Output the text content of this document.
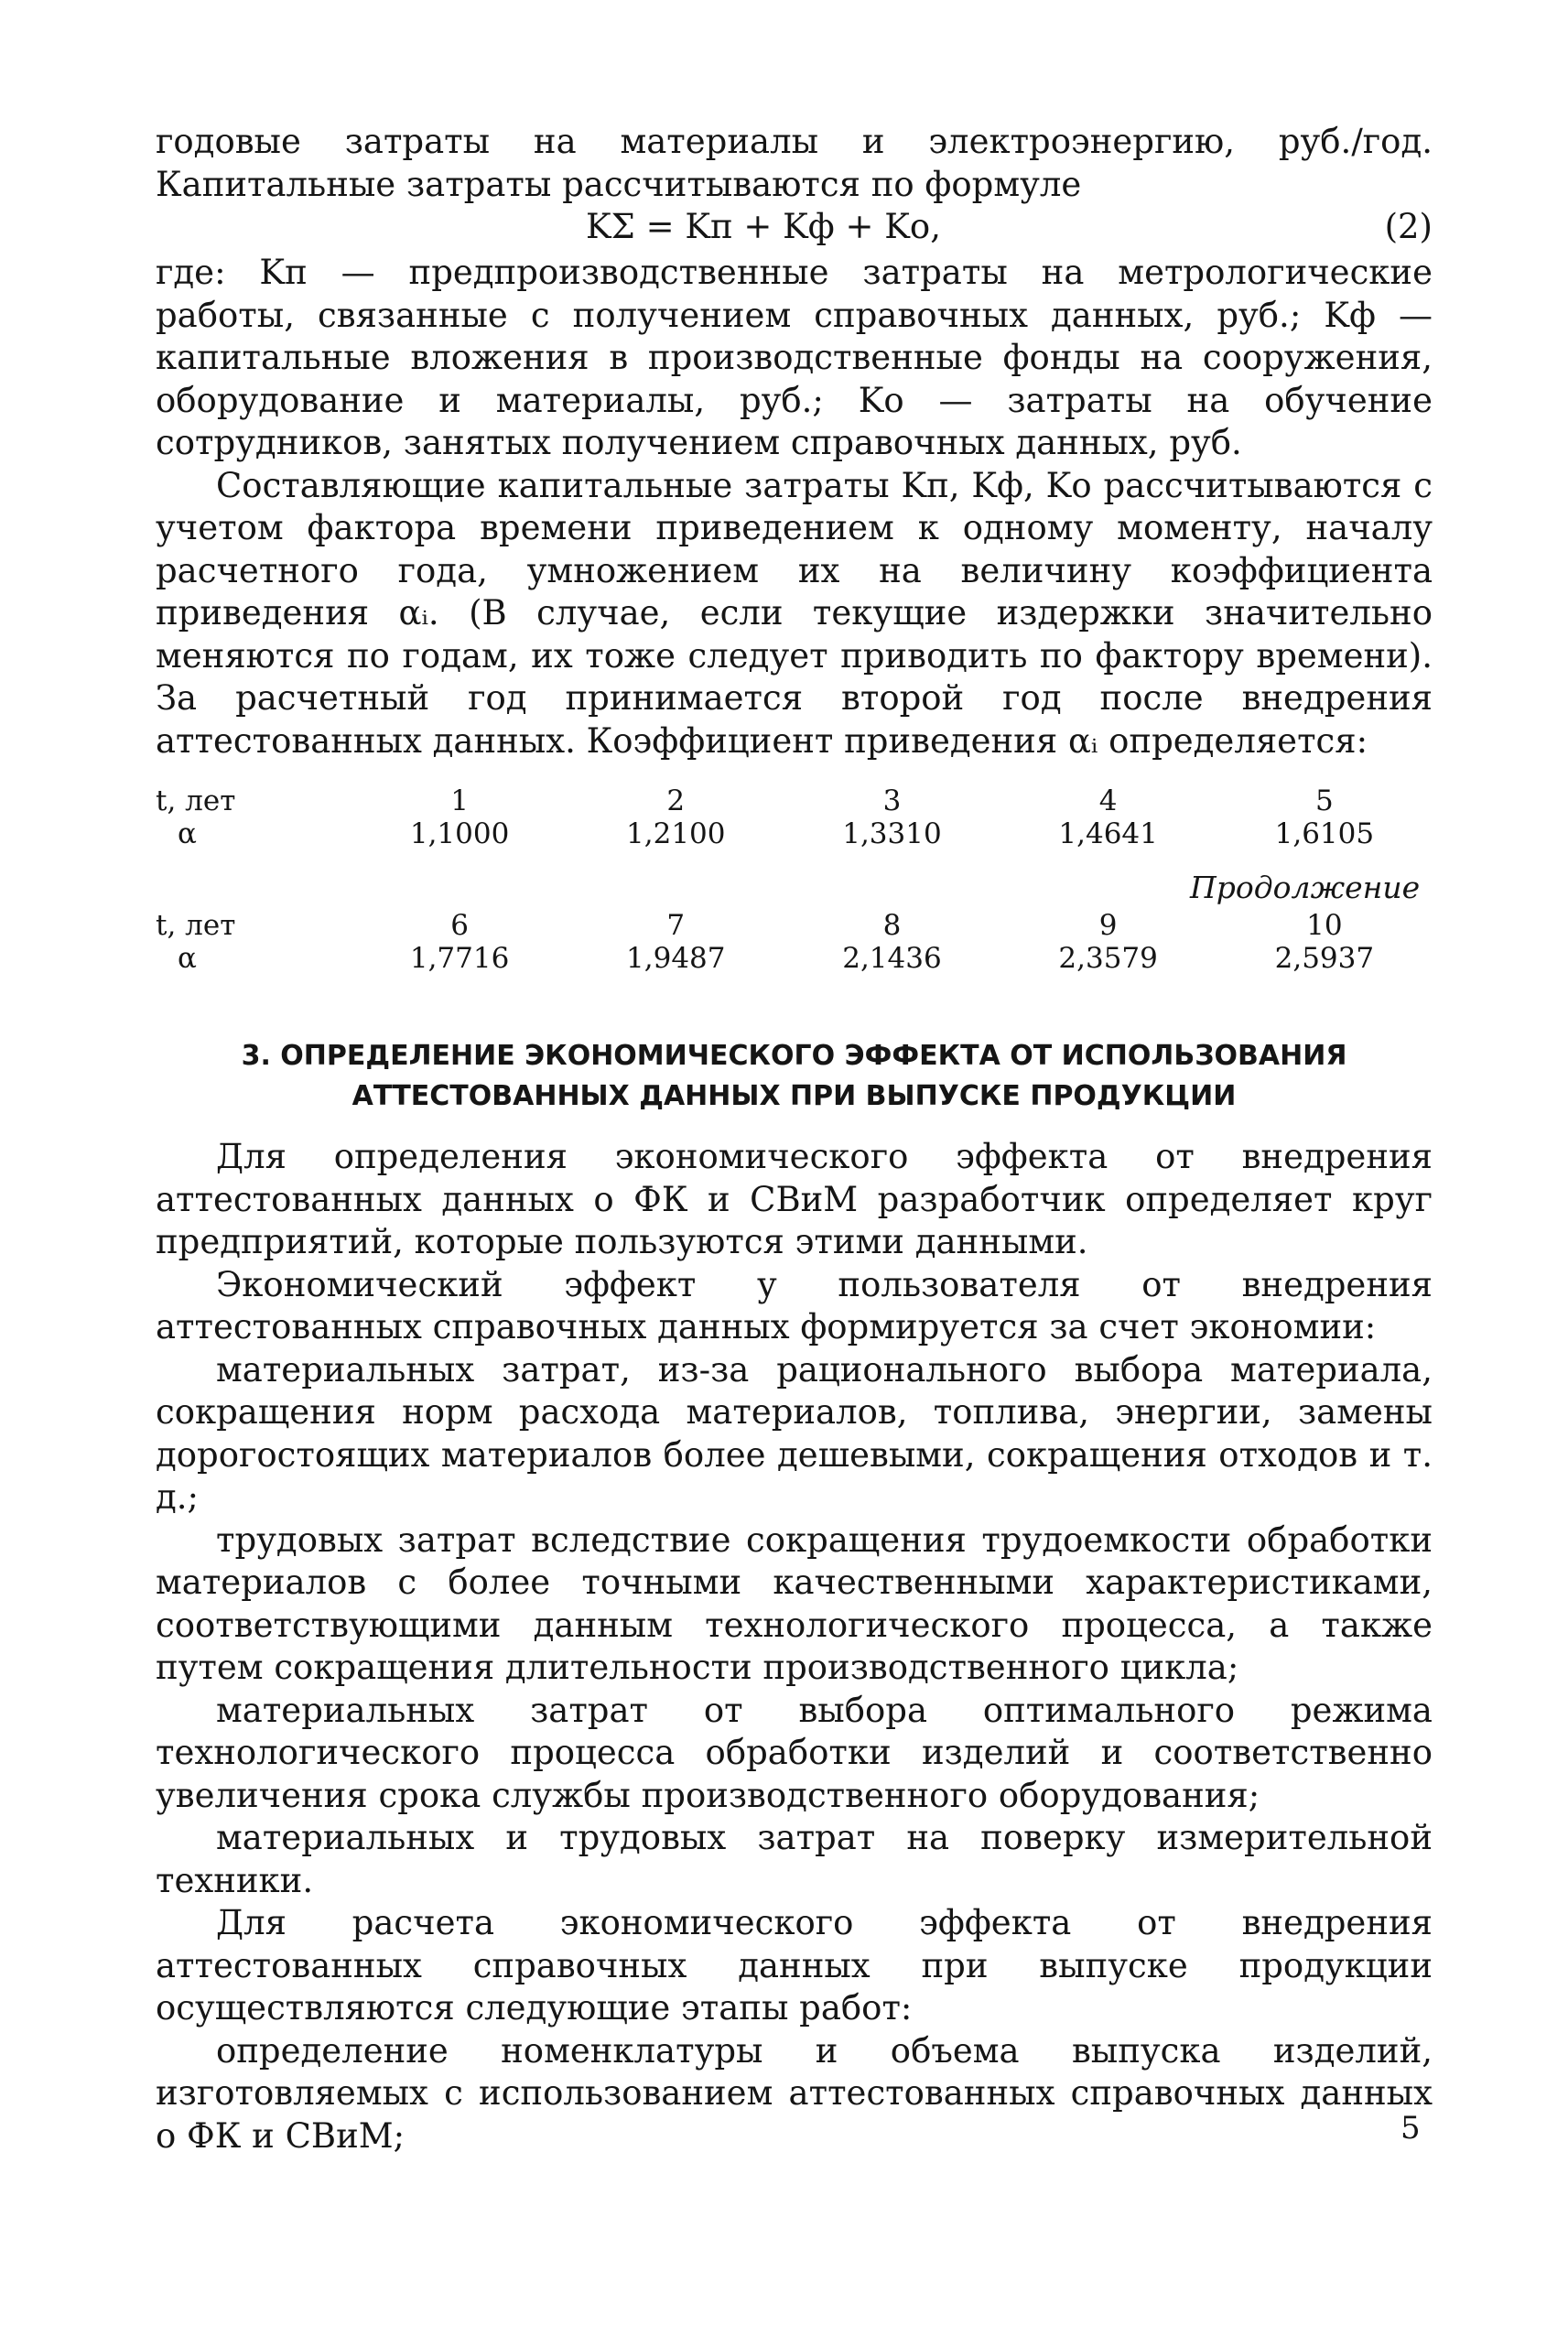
годовые затраты на материалы и электроэнергию, руб./год. Капитальные затраты рассчитываются по формуле

KΣ = Kп + Kф + Kо,	(2)

где: Kп — предпроизводственные затраты на метрологические работы, связанные с получением справочных данных, руб.; Kф — капитальные вложения в производственные фонды на сооружения, оборудование и материалы, руб.; Kо — затраты на обучение сотрудников, занятых получением справочных данных, руб.

Составляющие капитальные затраты Kп, Kф, Kо рассчитываются с учетом фактора времени приведением к одному моменту, началу расчетного года, умножением их на величину коэффициента приведения αᵢ. (В случае, если текущие издержки значительно меняются по годам, их тоже следует приводить по фактору времени). За расчетный год принимается второй год после внедрения аттестованных данных. Коэффициент приведения αᵢ определяется:

t, лет	1	2	3	4	5
α	1,1000	1,2100	1,3310	1,4641	1,6105
Продолжение
t, лет	6	7	8	9	10
α	1,7716	1,9487	2,1436	2,3579	2,5937
3. ОПРЕДЕЛЕНИЕ ЭКОНОМИЧЕСКОГО ЭФФЕКТА ОТ ИСПОЛЬЗОВАНИЯ
АТТЕСТОВАННЫХ ДАННЫХ ПРИ ВЫПУСКЕ ПРОДУКЦИИ

Для определения экономического эффекта от внедрения аттестованных данных о ФК и СВиМ разработчик определяет круг предприятий, которые пользуются этими данными.

Экономический эффект у пользователя от внедрения аттестованных справочных данных формируется за счет экономии:

материальных затрат, из-за рационального выбора материала, сокращения норм расхода материалов, топлива, энергии, замены дорогостоящих материалов более дешевыми, сокращения отходов и т. д.;

трудовых затрат вследствие сокращения трудоемкости обработки материалов с более точными качественными характеристиками, соответствующими данным технологического процесса, а также путем сокращения длительности производственного цикла;

материальных затрат от выбора оптимального режима технологического процесса обработки изделий и соответственно увеличения срока службы производственного оборудования;

материальных и трудовых затрат на поверку измерительной техники.

Для расчета экономического эффекта от внедрения аттестованных справочных данных при выпуске продукции осуществляются следующие этапы работ:

определение номенклатуры и объема выпуска изделий, изготовляемых с использованием аттестованных справочных данных о ФК и СВиМ;	5
